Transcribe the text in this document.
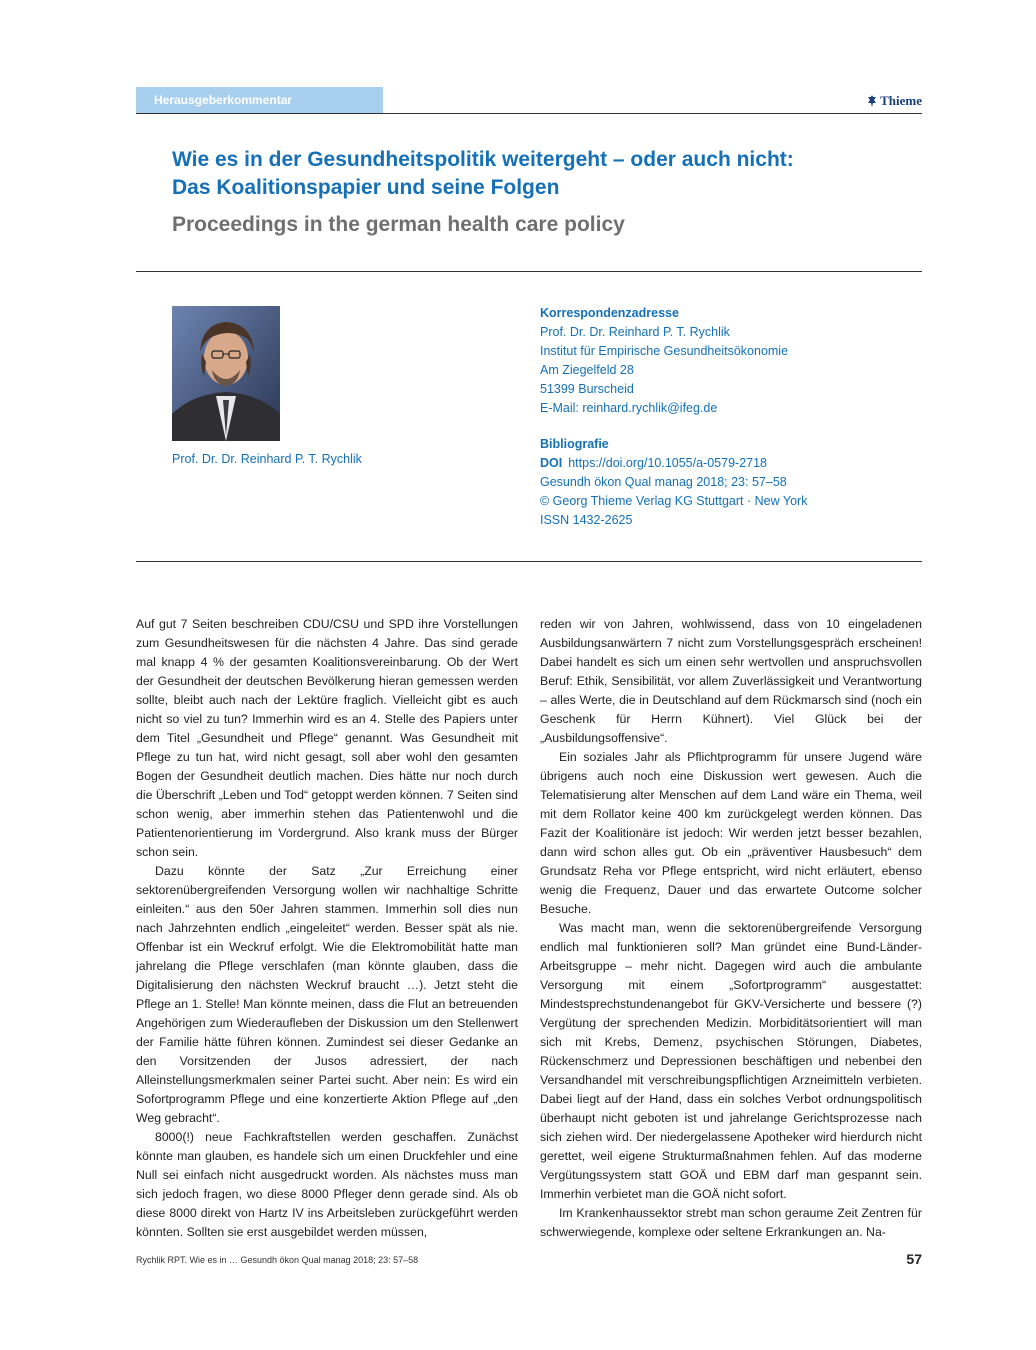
Herausgeberkommentar	Thieme
Wie es in der Gesundheitspolitik weitergeht – oder auch nicht:
Das Koalitionspapier und seine Folgen
Proceedings in the german health care policy
Prof. Dr. Dr. Reinhard P. T. Rychlik
Korrespondenzadresse
Prof. Dr. Dr. Reinhard P. T. Rychlik
Institut für Empirische Gesundheitsökonomie
Am Ziegelfeld 28
51399 Burscheid
E-Mail: reinhard.rychlik@ifeg.de
Bibliografie
DOI https://doi.org/10.1055/a-0579-2718
Gesundh ökon Qual manag 2018; 23: 57–58
© Georg Thieme Verlag KG Stuttgart · New York
ISSN 1432-2625

Auf gut 7 Seiten beschreiben CDU/CSU und SPD ihre Vorstellungen zum Gesundheitswesen für die nächsten 4 Jahre. Das sind gerade mal knapp 4 % der gesamten Koalitionsvereinbarung. Ob der Wert der Gesundheit der deutschen Bevölkerung hieran gemessen werden sollte, bleibt auch nach der Lektüre fraglich. Vielleicht gibt es auch nicht so viel zu tun? Immerhin wird es an 4. Stelle des Papiers unter dem Titel „Gesundheit und Pflege“ genannt. Was Gesundheit mit Pflege zu tun hat, wird nicht gesagt, soll aber wohl den gesamten Bogen der Gesundheit deutlich machen. Dies hätte nur noch durch die Überschrift „Leben und Tod“ getoppt werden können. 7 Seiten sind schon wenig, aber immerhin stehen das Patientenwohl und die Patientenorientierung im Vordergrund. Also krank muss der Bürger schon sein.

Dazu könnte der Satz „Zur Erreichung einer sektorenübergreifenden Versorgung wollen wir nachhaltige Schritte einleiten.“ aus den 50er Jahren stammen. Immerhin soll dies nun nach Jahrzehnten endlich „eingeleitet“ werden. Besser spät als nie. Offenbar ist ein Weckruf erfolgt. Wie die Elektromobilität hatte man jahrelang die Pflege verschlafen (man könnte glauben, dass die Digitalisierung den nächsten Weckruf braucht …). Jetzt steht die Pflege an 1. Stelle! Man könnte meinen, dass die Flut an betreuenden Angehörigen zum Wiederaufleben der Diskussion um den Stellenwert der Familie hätte führen können. Zumindest sei dieser Gedanke an den Vorsitzenden der Jusos adressiert, der nach Alleinstellungsmerkmalen seiner Partei sucht. Aber nein: Es wird ein Sofortprogramm Pflege und eine konzertierte Aktion Pflege auf „den Weg gebracht“.

8000(!) neue Fachkraftstellen werden geschaffen. Zunächst könnte man glauben, es handele sich um einen Druckfehler und eine Null sei einfach nicht ausgedruckt worden. Als nächstes muss man sich jedoch fragen, wo diese 8000 Pfleger denn gerade sind. Als ob diese 8000 direkt von Hartz IV ins Arbeitsleben zurückgeführt werden könnten. Sollten sie erst ausgebildet werden müssen,

reden wir von Jahren, wohlwissend, dass von 10 eingeladenen Ausbildungsanwärtern 7 nicht zum Vorstellungsgespräch erscheinen! Dabei handelt es sich um einen sehr wertvollen und anspruchsvollen Beruf: Ethik, Sensibilität, vor allem Zuverlässigkeit und Verantwortung – alles Werte, die in Deutschland auf dem Rückmarsch sind (noch ein Geschenk für Herrn Kühnert). Viel Glück bei der „Ausbildungsoffensive“.

Ein soziales Jahr als Pflichtprogramm für unsere Jugend wäre übrigens auch noch eine Diskussion wert gewesen. Auch die Telematisierung alter Menschen auf dem Land wäre ein Thema, weil mit dem Rollator keine 400 km zurückgelegt werden können. Das Fazit der Koalitionäre ist jedoch: Wir werden jetzt besser bezahlen, dann wird schon alles gut. Ob ein „präventiver Hausbesuch“ dem Grundsatz Reha vor Pflege entspricht, wird nicht erläutert, ebenso wenig die Frequenz, Dauer und das erwartete Outcome solcher Besuche.

Was macht man, wenn die sektorenübergreifende Versorgung endlich mal funktionieren soll? Man gründet eine Bund-Länder-Arbeitsgruppe – mehr nicht. Dagegen wird auch die ambulante Versorgung mit einem „Sofortprogramm“ ausgestattet: Mindestsprechstundenangebot für GKV-Versicherte und bessere (?) Vergütung der sprechenden Medizin. Morbiditätsorientiert will man sich mit Krebs, Demenz, psychischen Störungen, Diabetes, Rückenschmerz und Depressionen beschäftigen und nebenbei den Versandhandel mit verschreibungspflichtigen Arzneimitteln verbieten. Dabei liegt auf der Hand, dass ein solches Verbot ordnungspolitisch überhaupt nicht geboten ist und jahrelange Gerichtsprozesse nach sich ziehen wird. Der niedergelassene Apotheker wird hierdurch nicht gerettet, weil eigene Strukturmaßnahmen fehlen. Auf das moderne Vergütungssystem statt GOÄ und EBM darf man gespannt sein. Immerhin verbietet man die GOÄ nicht sofort.

Im Krankenhaussektor strebt man schon geraume Zeit Zentren für schwerwiegende, komplexe oder seltene Erkrankungen an. Na-

Rychlik RPT. Wie es in … Gesundh ökon Qual manag 2018; 23: 57–58	57
